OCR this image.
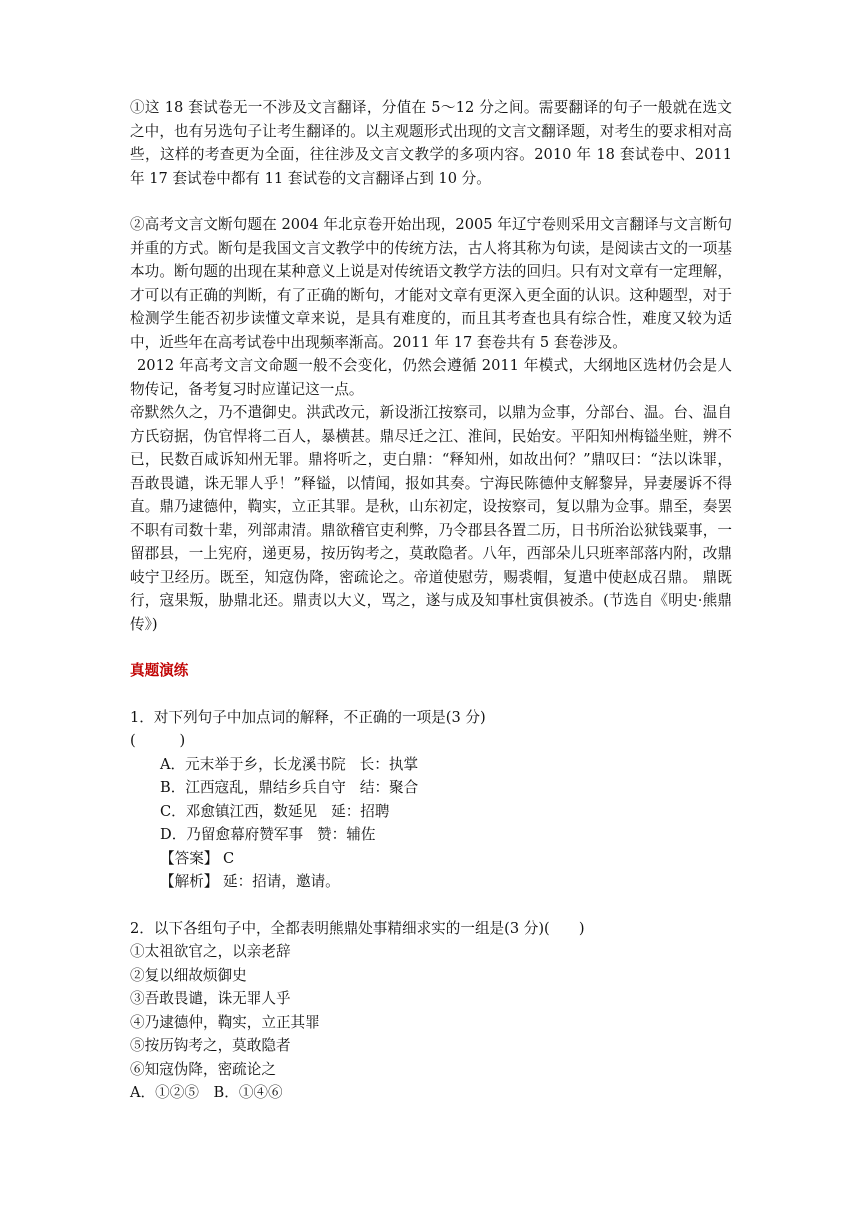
①这 18 套试卷无一不涉及文言翻译，分值在 5～12 分之间。需要翻译的句子一般就在选文之中，也有另选句子让考生翻译的。以主观题形式出现的文言文翻译题，对考生的要求相对高些，这样的考查更为全面，往往涉及文言文教学的多项内容。2010 年 18 套试卷中、2011 年 17 套试卷中都有 11 套试卷的文言翻译占到 10 分。

②高考文言文断句题在 2004 年北京卷开始出现，2005 年辽宁卷则采用文言翻译与文言断句并重的方式。断句是我国文言文教学中的传统方法，古人将其称为句读，是阅读古文的一项基本功。断句题的出现在某种意义上说是对传统语文教学方法的回归。只有对文章有一定理解，才可以有正确的判断，有了正确的断句，才能对文章有更深入更全面的认识。这种题型，对于检测学生能否初步读懂文章来说，是具有难度的，而且其考查也具有综合性，难度又较为适中，近些年在高考试卷中出现频率渐高。2011 年 17 套卷共有 5 套卷涉及。

2012 年高考文言文命题一般不会变化，仍然会遵循 2011 年模式，大纲地区选材仍会是人物传记，备考复习时应谨记这一点。

帝默然久之，乃不遣御史。洪武改元，新设浙江按察司，以鼎为佥事，分部台、温。台、温自方氏窃据，伪官悍将二百人，暴横甚。鼎尽迁之江、淮间，民始安。平阳知州梅镒坐赃，辨不已，民数百咸诉知州无罪。鼎将听之，吏白鼎：“释知州，如故出何？”鼎叹曰：“法以诛罪，吾敢畏谴，诛无罪人乎！”释镒，以情闻，报如其奏。宁海民陈德仲支解黎异，异妻屡诉不得直。鼎乃逮德仲，鞫实，立正其罪。是秋，山东初定，设按察司，复以鼎为佥事。鼎至，奏罢不职有司数十辈，列部肃清。鼎欲稽官吏利弊，乃令郡县各置二历，日书所治讼狱钱粟事，一留郡县，一上宪府，递更易，按历钩考之，莫敢隐者。八年，西部朵儿只班率部落内附，改鼎岐宁卫经历。既至，知寇伪降，密疏论之。帝道使慰劳，赐裘帽，复遣中使赵成召鼎。 鼎既行，寇果叛，胁鼎北还。鼎责以大义，骂之，遂与成及知事杜寅俱被杀。(节选自《明史·熊鼎传》)

真题演练

1．对下列句子中加点词的解释，不正确的一项是(3 分)

(　　　)

A．元末举于乡，长龙溪书院 长：执掌

B．江西寇乱，鼎结乡兵自守 结：聚合

C．邓愈镇江西，数延见 延：招聘

D．乃留愈幕府赞军事 赞：辅佐

【答案】 C

【解析】 延：招请，邀请。

2．以下各组句子中，全都表明熊鼎处事精细求实的一组是(3 分)(　　)

①太祖欲官之，以亲老辞
②复以细故烦御史
③吾敢畏谴，诛无罪人乎
④乃逮德仲，鞫实，立正其罪
⑤按历钩考之，莫敢隐者
⑥知寇伪降，密疏论之

A．①②⑤　B．①④⑥
